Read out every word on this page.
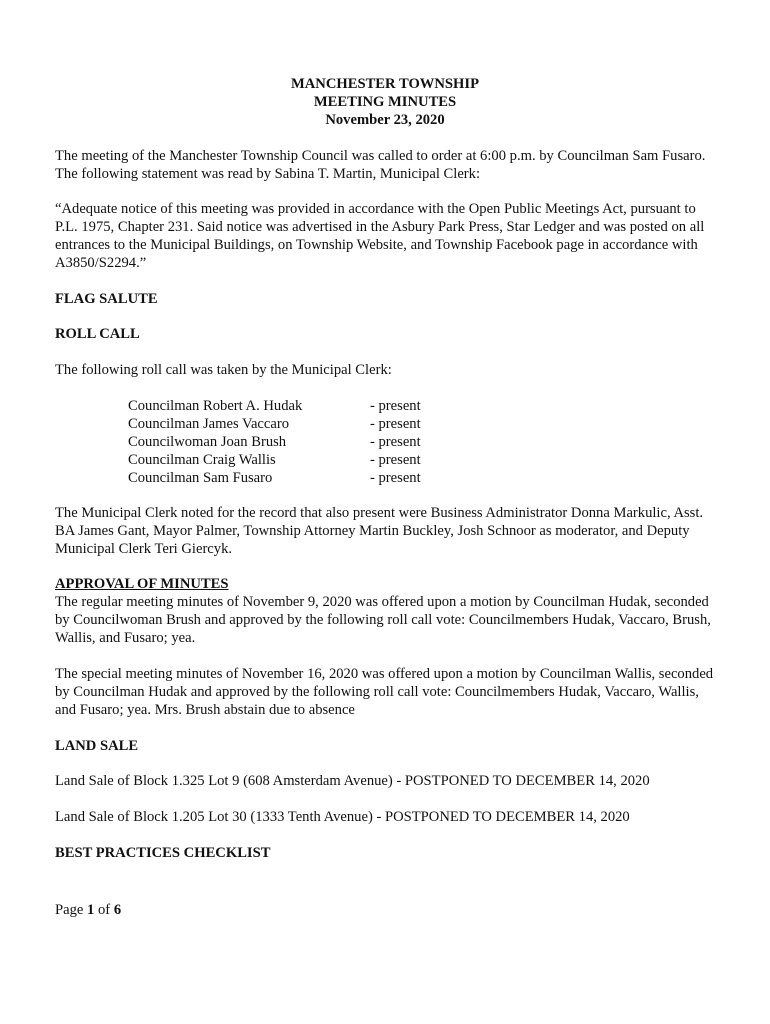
MANCHESTER TOWNSHIP
MEETING MINUTES
November 23, 2020

The meeting of the Manchester Township Council was called to order at 6:00 p.m. by Councilman Sam Fusaro. The following statement was read by Sabina T. Martin, Municipal Clerk:

“Adequate notice of this meeting was provided in accordance with the Open Public Meetings Act, pursuant to P.L. 1975, Chapter 231. Said notice was advertised in the Asbury Park Press, Star Ledger and was posted on all entrances to the Municipal Buildings, on Township Website, and Township Facebook page in accordance with A3850/S2294.”

FLAG SALUTE

ROLL CALL

The following roll call was taken by the Municipal Clerk:

Councilman Robert A. Hudak	- present
Councilman James Vaccaro	- present
Councilwoman Joan Brush	- present
Councilman Craig Wallis	- present
Councilman Sam Fusaro	- present

The Municipal Clerk noted for the record that also present were Business Administrator Donna Markulic, Asst. BA James Gant, Mayor Palmer, Township Attorney Martin Buckley, Josh Schnoor as moderator, and Deputy Municipal Clerk Teri Giercyk.

APPROVAL OF MINUTES

The regular meeting minutes of November 9, 2020 was offered upon a motion by Councilman Hudak, seconded by Councilwoman Brush and approved by the following roll call vote: Councilmembers Hudak, Vaccaro, Brush, Wallis, and Fusaro; yea.

The special meeting minutes of November 16, 2020 was offered upon a motion by Councilman Wallis, seconded by Councilman Hudak and approved by the following roll call vote: Councilmembers Hudak, Vaccaro, Wallis, and Fusaro; yea. Mrs. Brush abstain due to absence

LAND SALE

Land Sale of Block 1.325 Lot 9 (608 Amsterdam Avenue) - POSTPONED TO DECEMBER 14, 2020

Land Sale of Block 1.205 Lot 30 (1333 Tenth Avenue) - POSTPONED TO DECEMBER 14, 2020

BEST PRACTICES CHECKLIST

Page 1 of 6
